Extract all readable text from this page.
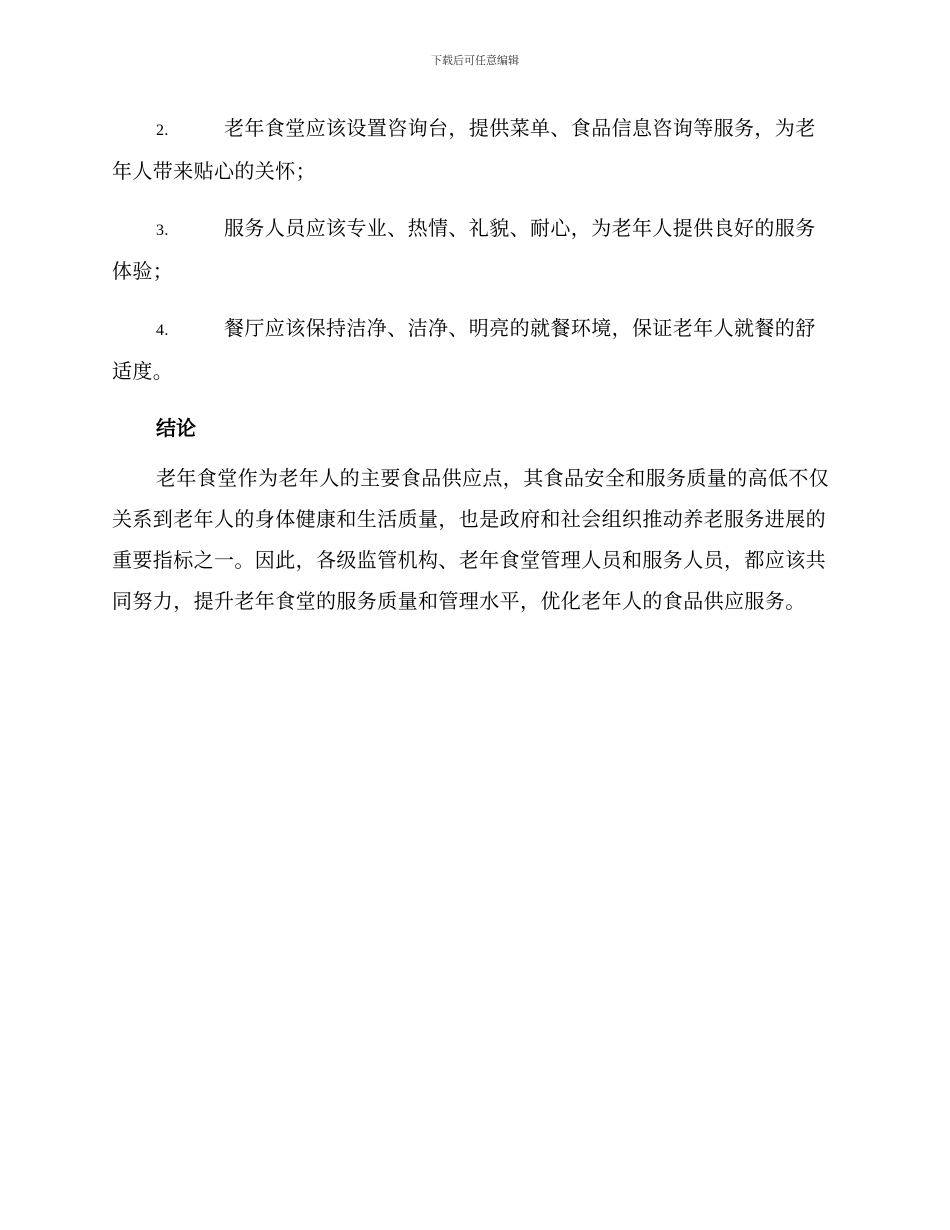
下载后可任意编辑

2.	老年食堂应该设置咨询台，提供菜单、食品信息咨询等服务，为老年人带来贴心的关怀；

3.	服务人员应该专业、热情、礼貌、耐心，为老年人提供良好的服务体验；

4.	餐厅应该保持洁净、洁净、明亮的就餐环境，保证老年人就餐的舒适度。

结论

老年食堂作为老年人的主要食品供应点，其食品安全和服务质量的高低不仅关系到老年人的身体健康和生活质量，也是政府和社会组织推动养老服务进展的重要指标之一。因此，各级监管机构、老年食堂管理人员和服务人员，都应该共同努力，提升老年食堂的服务质量和管理水平，优化老年人的食品供应服务。
